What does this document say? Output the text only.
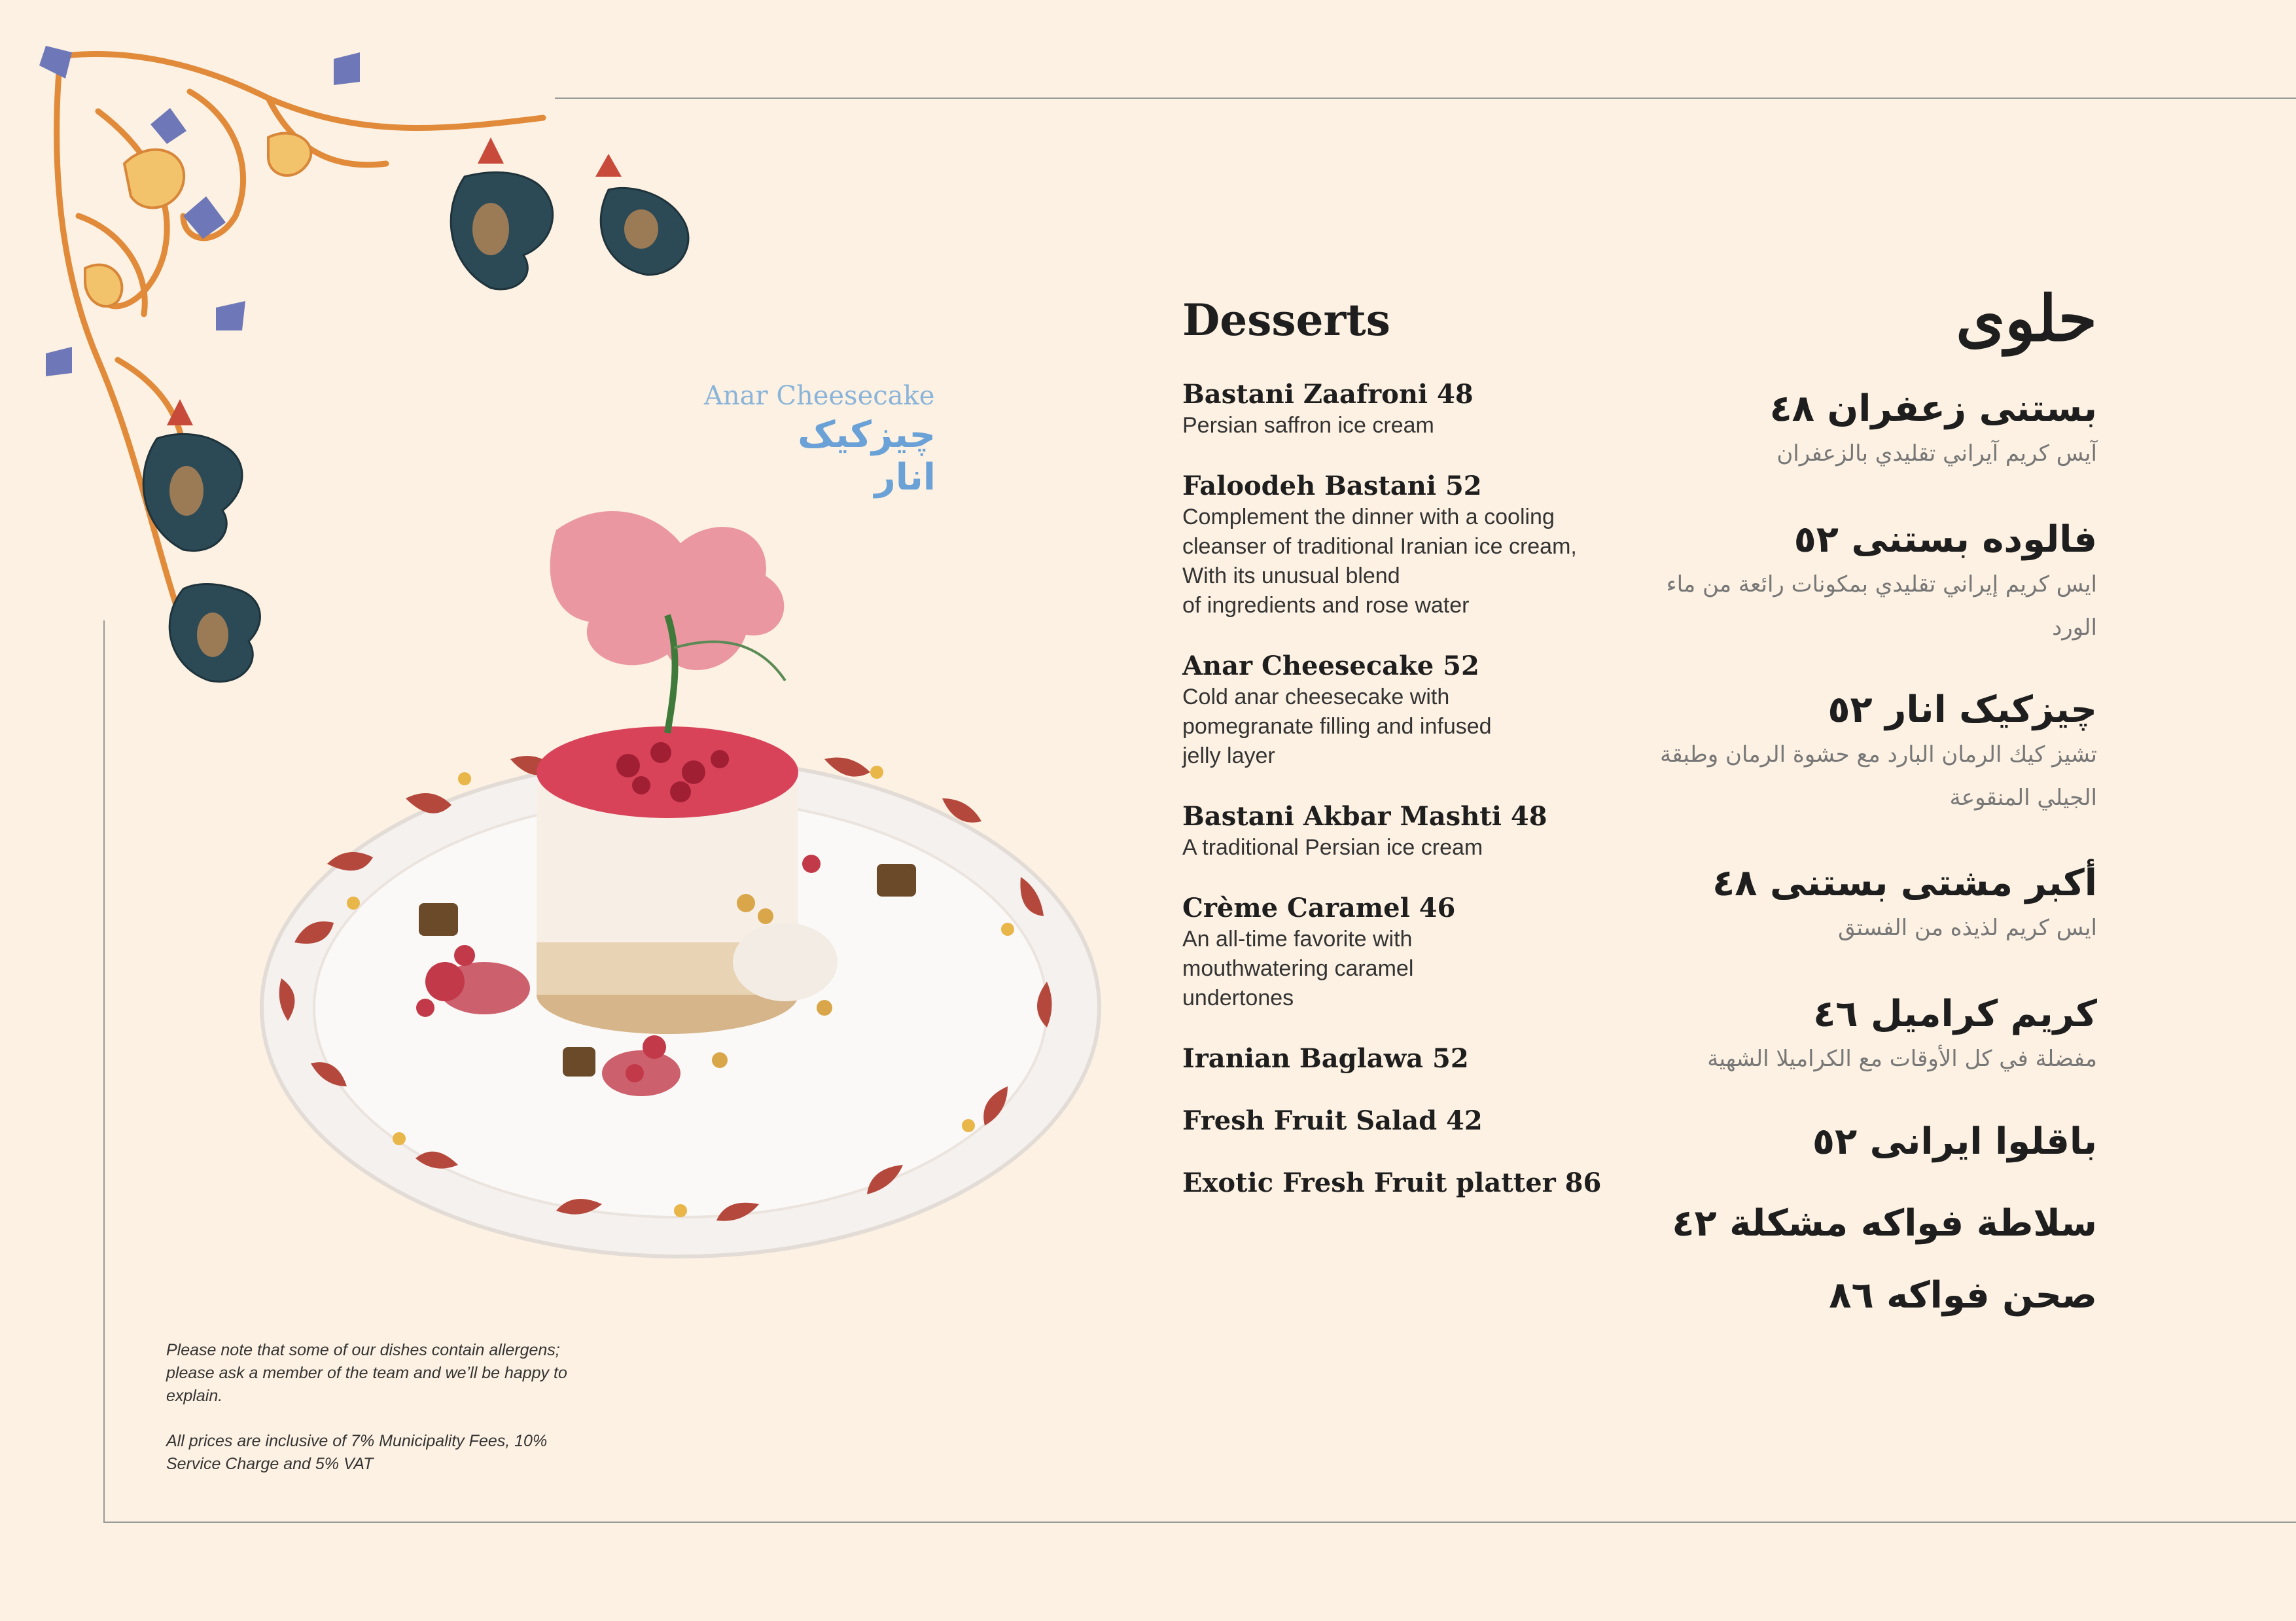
Anar Cheesecake
چیزکیک انار

Please note that some of our dishes contain allergens; please ask a member of the team and we’ll be happy to explain.

All prices are inclusive of 7% Municipality Fees, 10% Service Charge and 5% VAT

Desserts
Bastani Zaafroni 48
Persian saffron ice cream
Faloodeh Bastani 52
Complement the dinner with a cooling
cleanser of traditional Iranian ice cream,
With its unusual blend
of ingredients and rose water
Anar Cheesecake 52
Cold anar cheesecake with
pomegranate filling and infused
jelly layer
Bastani Akbar Mashti 48
A traditional Persian ice cream
Crème Caramel 46
An all-time favorite with
mouthwatering caramel
undertones
Iranian Baglawa 52
Fresh Fruit Salad 42
Exotic Fresh Fruit platter 86
حلوى
بستنی زعفران ٤٨
آيس كريم آيراني تقليدي بالزعفران
فالوده بستنی ٥٢
ايس كريم إيراني تقليدي بمكونات رائعة من ماء الورد
چيزکیک انار ٥٢
تشيز كيك الرمان البارد مع حشوة الرمان وطبقة الجيلي المنقوعة
أکبر مشتی بستنی ٤٨
ايس كريم لذيذه من الفستق
کريم کراميل ٤٦
مفضلة في كل الأوقات مع الكراميلا الشهية
باقلوا ايرانی ٥٢
سلاطة فواكه مشكلة ٤٢
صحن فواكه ٨٦
